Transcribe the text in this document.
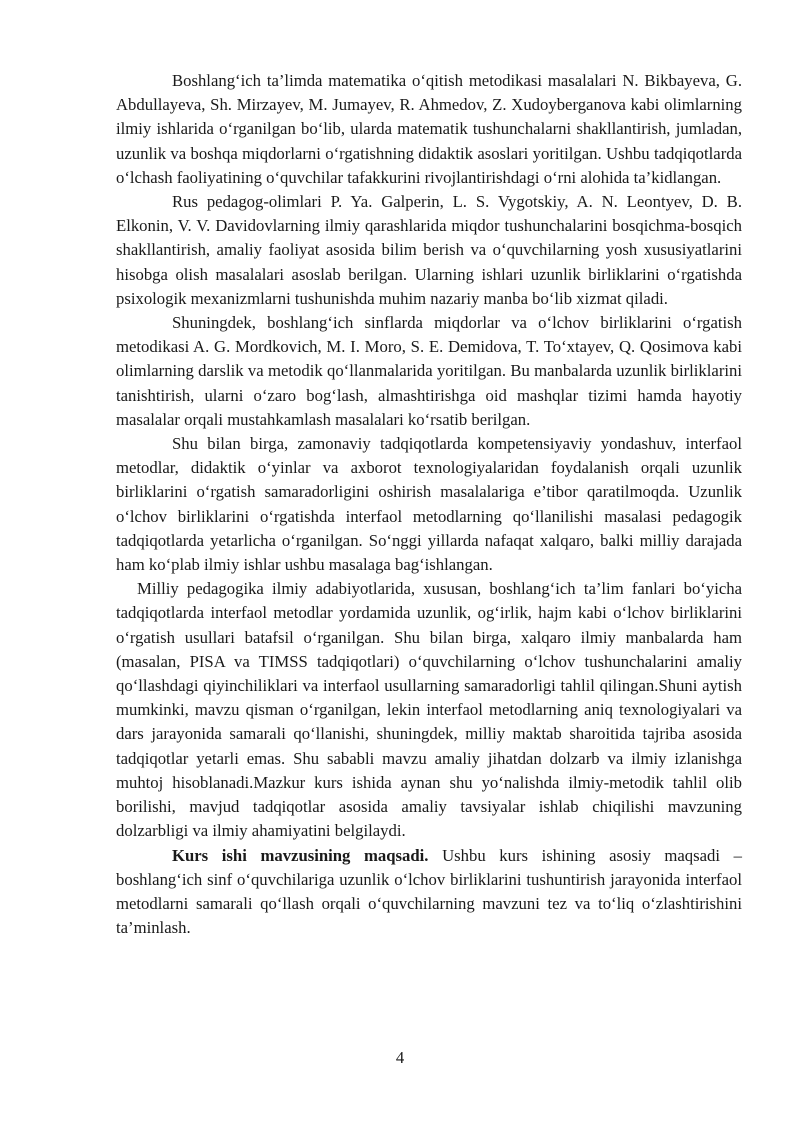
Boshlang‘ich ta’limda matematika o‘qitish metodikasi masalalari N. Bikbayeva, G. Abdullayeva, Sh. Mirzayev, M. Jumayev, R. Ahmedov, Z. Xudoyberganova kabi olimlarning ilmiy ishlarida o‘rganilgan bo‘lib, ularda matematik tushunchalarni shakllantirish, jumladan, uzunlik va boshqa miqdorlarni o‘rgatishning didaktik asoslari yoritilgan. Ushbu tadqiqotlarda o‘lchash faoliyatining o‘quvchilar tafakkurini rivojlantirishdagi o‘rni alohida ta’kidlangan.

Rus pedagog-olimlari P. Ya. Galperin, L. S. Vygotskiy, A. N. Leontyev, D. B. Elkonin, V. V. Davidovlarning ilmiy qarashlarida miqdor tushunchalarini bosqichma-bosqich shakllantirish, amaliy faoliyat asosida bilim berish va o‘quvchilarning yosh xususiyatlarini hisobga olish masalalari asoslab berilgan. Ularning ishlari uzunlik birliklarini o‘rgatishda psixologik mexanizmlarni tushunishda muhim nazariy manba bo‘lib xizmat qiladi.

Shuningdek, boshlang‘ich sinflarda miqdorlar va o‘lchov birliklarini o‘rgatish metodikasi A. G. Mordkovich, M. I. Moro, S. E. Demidova, T. To‘xtayev, Q. Qosimova kabi olimlarning darslik va metodik qo‘llanmalarida yoritilgan. Bu manbalarda uzunlik birliklarini tanishtirish, ularni o‘zaro bog‘lash, almashtirishga oid mashqlar tizimi hamda hayotiy masalalar orqali mustahkamlash masalalari ko‘rsatib berilgan.

Shu bilan birga, zamonaviy tadqiqotlarda kompetensiyaviy yondashuv, interfaol metodlar, didaktik o‘yinlar va axborot texnologiyalaridan foydalanish orqali uzunlik birliklarini o‘rgatish samaradorligini oshirish masalalariga e’tibor qaratilmoqda. Uzunlik o‘lchov birliklarini o‘rgatishda interfaol metodlarning qo‘llanilishi masalasi pedagogik tadqiqotlarda yetarlicha o‘rganilgan. So‘nggi yillarda nafaqat xalqaro, balki milliy darajada ham ko‘plab ilmiy ishlar ushbu masalaga bag‘ishlangan.

Milliy pedagogika ilmiy adabiyotlarida, xususan, boshlang‘ich ta’lim fanlari bo‘yicha tadqiqotlarda interfaol metodlar yordamida uzunlik, og‘irlik, hajm kabi o‘lchov birliklarini o‘rgatish usullari batafsil o‘rganilgan. Shu bilan birga, xalqaro ilmiy manbalarda ham (masalan, PISA va TIMSS tadqiqotlari) o‘quvchilarning o‘lchov tushunchalarini amaliy qo‘llashdagi qiyinchiliklari va interfaol usullarning samaradorligi tahlil qilingan.Shuni aytish mumkinki, mavzu qisman o‘rganilgan, lekin interfaol metodlarning aniq texnologiyalari va dars jarayonida samarali qo‘llanishi, shuningdek, milliy maktab sharoitida tajriba asosida tadqiqotlar yetarli emas. Shu sababli mavzu amaliy jihatdan dolzarb va ilmiy izlanishga muhtoj hisoblanadi.Mazkur kurs ishida aynan shu yo‘nalishda ilmiy-metodik tahlil olib borilishi, mavjud tadqiqotlar asosida amaliy tavsiyalar ishlab chiqilishi mavzuning dolzarbligi va ilmiy ahamiyatini belgilaydi.

Kurs ishi mavzusining maqsadi. Ushbu kurs ishining asosiy maqsadi – boshlang‘ich sinf o‘quvchilariga uzunlik o‘lchov birliklarini tushuntirish jarayonida interfaol metodlarni samarali qo‘llash orqali o‘quvchilarning mavzuni tez va to‘liq o‘zlashtirishini ta’minlash.

4
